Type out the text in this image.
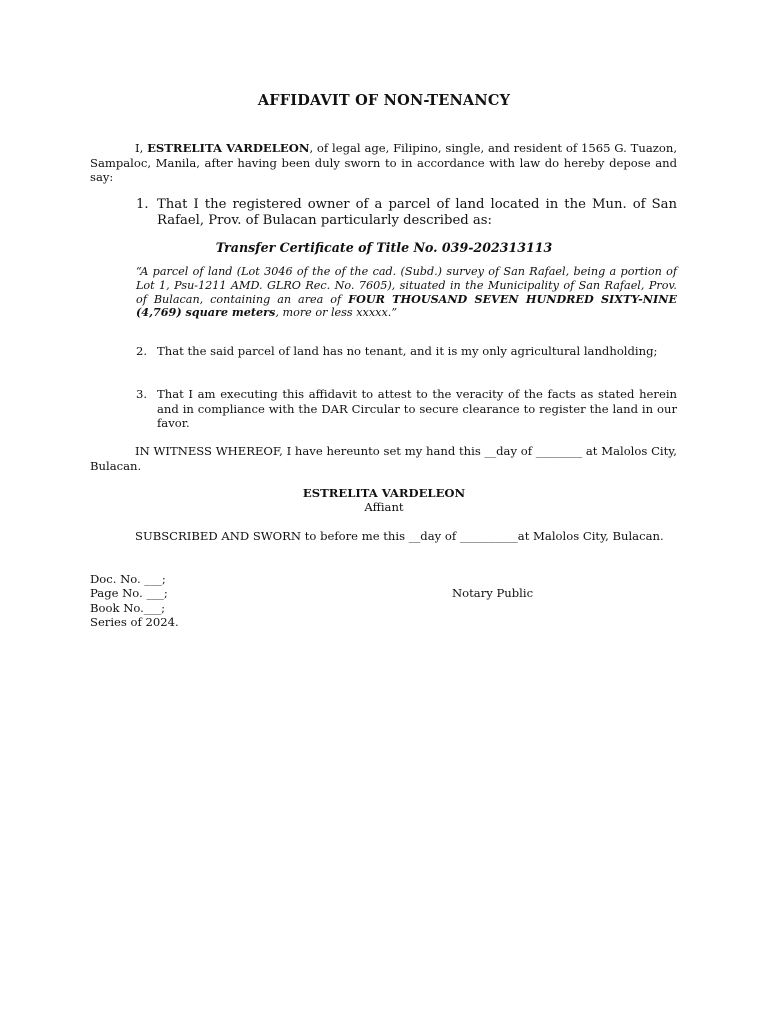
AFFIDAVIT OF NON-TENANCY
I, ESTRELITA VARDELEON, of legal age, Filipino, single, and resident of 1565 G. Tuazon, Sampaloc, Manila, after having been duly sworn to in accordance with law do hereby depose and say:
1. That I the registered owner of a parcel of land located in the Mun. of San Rafael, Prov. of Bulacan particularly described as:
Transfer Certificate of Title No. 039-202313113
“A parcel of land (Lot 3046 of the of the cad. (Subd.) survey of San Rafael, being a portion of Lot 1, Psu-1211 AMD. GLRO Rec. No. 7605), situated in the Municipality of San Rafael, Prov. of Bulacan, containing an area of FOUR THOUSAND SEVEN HUNDRED SIXTY-NINE (4,769) square meters, more or less xxxxx.”
2. That the said parcel of land has no tenant, and it is my only agricultural landholding;
3. That I am executing this affidavit to attest to the veracity of the facts as stated herein and in compliance with the DAR Circular to secure clearance to register the land in our favor.
IN WITNESS WHEREOF, I have hereunto set my hand this __day of ________ at Malolos City, Bulacan.
ESTRELITA VARDELEON
Affiant
SUBSCRIBED AND SWORN to before me this __day of __________at Malolos City, Bulacan.
Doc. No. ___;
Page No. ___;
Book No.___;
Series of 2024.
Notary Public
